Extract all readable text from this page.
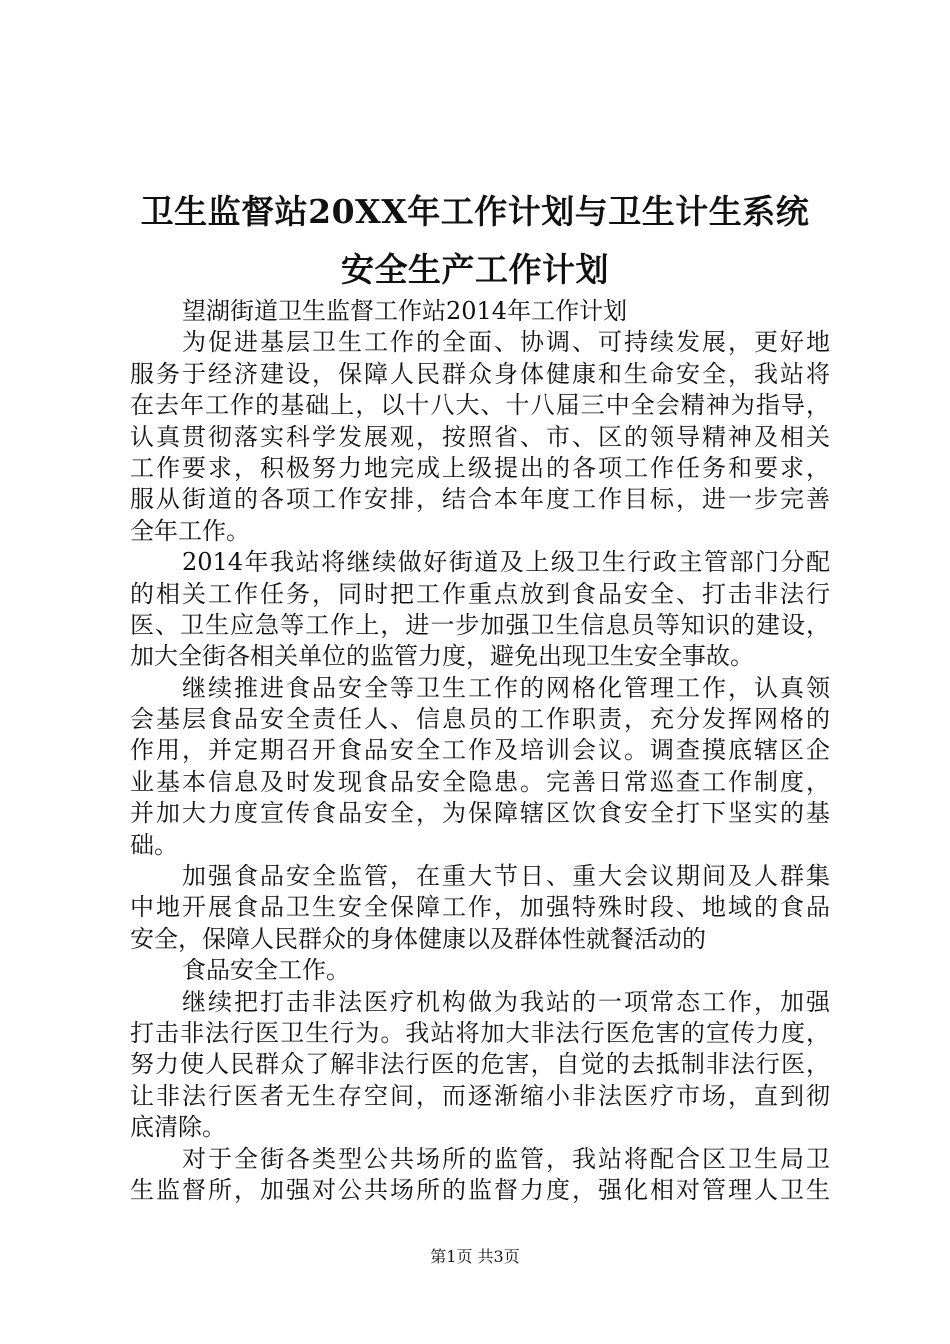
卫生监督站20XX年工作计划与卫生计生系统
安全生产工作计划
望湖街道卫生监督工作站2014年工作计划
为促进基层卫生工作的全面、协调、可持续发展，更好地
服务于经济建设，保障人民群众身体健康和生命安全，我站将
在去年工作的基础上，以十八大、十八届三中全会精神为指导，
认真贯彻落实科学发展观，按照省、市、区的领导精神及相关
工作要求，积极努力地完成上级提出的各项工作任务和要求，
服从街道的各项工作安排，结合本年度工作目标，进一步完善
全年工作。
2014年我站将继续做好街道及上级卫生行政主管部门分配
的相关工作任务，同时把工作重点放到食品安全、打击非法行
医、卫生应急等工作上，进一步加强卫生信息员等知识的建设，
加大全街各相关单位的监管力度，避免出现卫生安全事故。
继续推进食品安全等卫生工作的网格化管理工作，认真领
会基层食品安全责任人、信息员的工作职责，充分发挥网格的
作用，并定期召开食品安全工作及培训会议。调查摸底辖区企
业基本信息及时发现食品安全隐患。完善日常巡查工作制度，
并加大力度宣传食品安全，为保障辖区饮食安全打下坚实的基
础。
加强食品安全监管，在重大节日、重大会议期间及人群集
中地开展食品卫生安全保障工作，加强特殊时段、地域的食品
安全，保障人民群众的身体健康以及群体性就餐活动的
食品安全工作。
继续把打击非法医疗机构做为我站的一项常态工作，加强
打击非法行医卫生行为。我站将加大非法行医危害的宣传力度，
努力使人民群众了解非法行医的危害，自觉的去抵制非法行医，
让非法行医者无生存空间，而逐渐缩小非法医疗市场，直到彻
底清除。
对于全街各类型公共场所的监管，我站将配合区卫生局卫
生监督所，加强对公共场所的监督力度，强化相对管理人卫生
第1页 共3页
